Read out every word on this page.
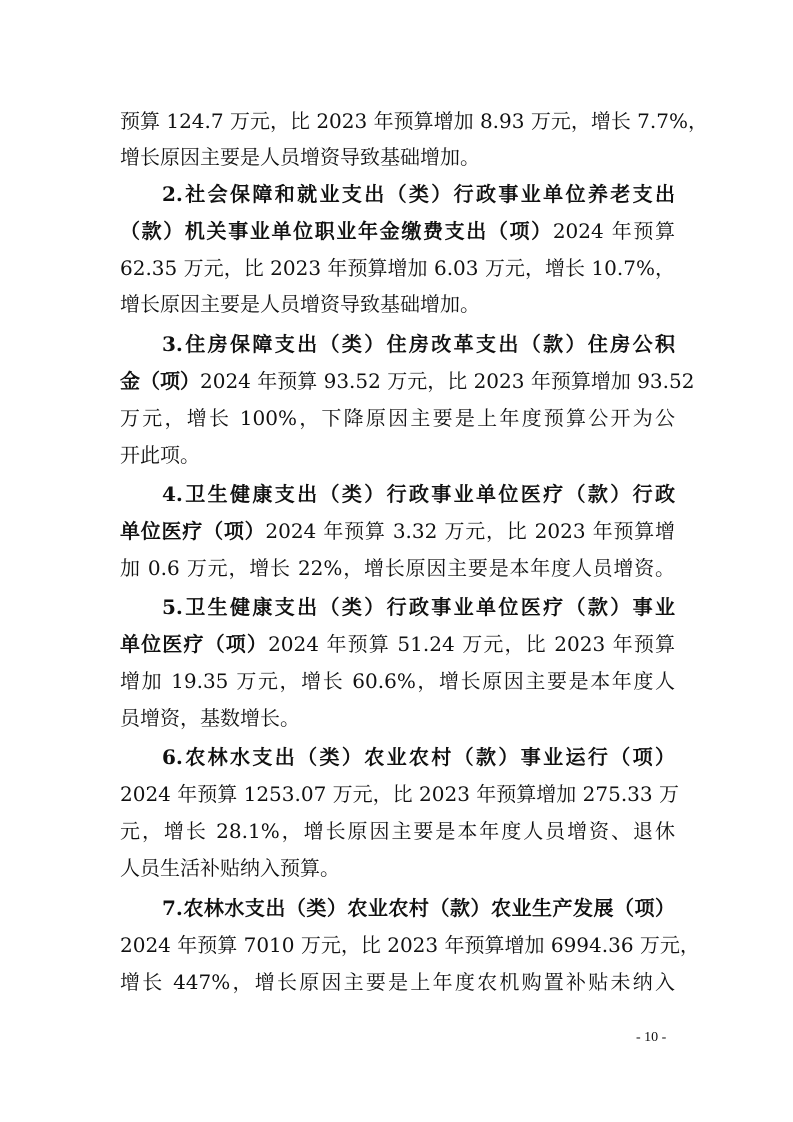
预算 124.7 万元，比 2023 年预算增加 8.93 万元，增长 7.7%，
增长原因主要是人员增资导致基础增加。
2.社会保障和就业支出（类）行政事业单位养老支出
（款）机关事业单位职业年金缴费支出（项）2024 年预算
62.35 万元，比 2023 年预算增加 6.03 万元，增长 10.7%，
增长原因主要是人员增资导致基础增加。
3.住房保障支出（类）住房改革支出（款）住房公积
金（项）2024 年预算 93.52 万元，比 2023 年预算增加 93.52
万元，增长 100%，下降原因主要是上年度预算公开为公
开此项。
4.卫生健康支出（类）行政事业单位医疗（款）行政
单位医疗（项）2024 年预算 3.32 万元，比 2023 年预算增
加 0.6 万元，增长 22%，增长原因主要是本年度人员增资。
5.卫生健康支出（类）行政事业单位医疗（款）事业
单位医疗（项）2024 年预算 51.24 万元，比 2023 年预算
增加 19.35 万元，增长 60.6%，增长原因主要是本年度人
员增资，基数增长。
6.农林水支出（类）农业农村（款）事业运行（项）
2024 年预算 1253.07 万元，比 2023 年预算增加 275.33 万
元，增长 28.1%，增长原因主要是本年度人员增资、退休
人员生活补贴纳入预算。
7.农林水支出（类）农业农村（款）农业生产发展（项）
2024 年预算 7010 万元，比 2023 年预算增加 6994.36 万元，
增长 447%，增长原因主要是上年度农机购置补贴未纳入
- 10 -
